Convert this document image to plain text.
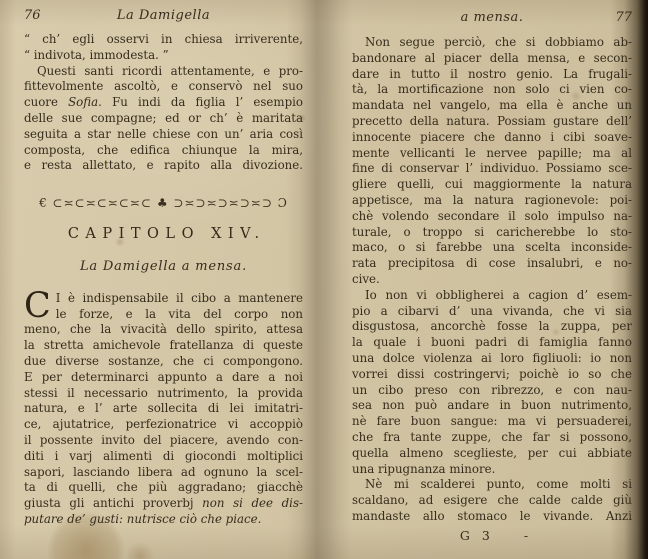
76	La Damigella
“ ch’ egli osservi in chiesa irriverente,
“ indivota, immodesta. ”
Questi santi ricordi attentamente, e pro-
fittevolmente ascoltò, e conservò nel suo
cuore Sofia. Fu indi da figlia l’ esempio
delle sue compagne; ed or ch’ è maritata
seguita a star nelle chiese con un’ aria così
composta, che edifica chiunque la mira,
e resta allettato, e rapito alla divozione.
€ ⊂≍⊂≍⊂≍⊂≍⊂ ♣ ⊃≍⊃≍⊃≍⊃≍⊃ Ɔ
CAPITOLO XIV.
La Damigella a mensa.
C I è indispensabile il cibo a mantenere
le forze, e la vita del corpo non
meno, che la vivacità dello spirito, attesa
la stretta amichevole fratellanza di queste
due diverse sostanze, che ci compongono.
E per determinarci appunto a dare a noi
stessi il necessario nutrimento, la provida
natura, e l’ arte sollecita di lei imitatri-
ce, ajutatrice, perfezionatrice vi accoppiò
il possente invito del piacere, avendo con-
diti i varj alimenti di giocondi moltiplici
sapori, lasciando libera ad ognuno la scel-
ta di quelli, che più aggradano; giacchè
giusta gli antichi proverbj non si dee dis-
putare de’ gusti: nutrisce ciò che piace.
a mensa.	77
Non segue perciò, che si dobbiamo ab-
bandonare al piacer della mensa, e secon-
dare in tutto il nostro genio. La frugali-
tà, la mortificazione non solo ci vien co-
mandata nel vangelo, ma ella è anche un
precetto della natura. Possiam gustare dell’
innocente piacere che danno i cibi soave-
mente vellicanti le nervee papille; ma al
fine di conservar l’ individuo. Possiamo sce-
gliere quelli, cui maggiormente la natura
appetisce, ma la natura ragionevole: poi-
chè volendo secondare il solo impulso na-
turale, o troppo si caricherebbe lo sto-
maco, o si farebbe una scelta inconside-
rata precipitosa di cose insalubri, e no-
cive.
Io non vi obbligherei a cagion d’ esem-
pio a cibarvi d’ una vivanda, che vi sia
disgustosa, ancorchè fosse la zuppa, per
la quale i buoni padri di famiglia fanno
una dolce violenza ai loro figliuoli: io non
vorrei dissi costringervi; poichè io so che
un cibo preso con ribrezzo, e con nau-
sea non può andare in buon nutrimento,
nè fare buon sangue: ma vi persuaderei,
che fra tante zuppe, che far si possono,
quella almeno sceglieste, per cui abbiate
una ripugnanza minore.
Nè mi scalderei punto, come molti si
scaldano, ad esigere che calde calde giù
mandaste allo stomaco le vivande. Anzi
G 3 -
